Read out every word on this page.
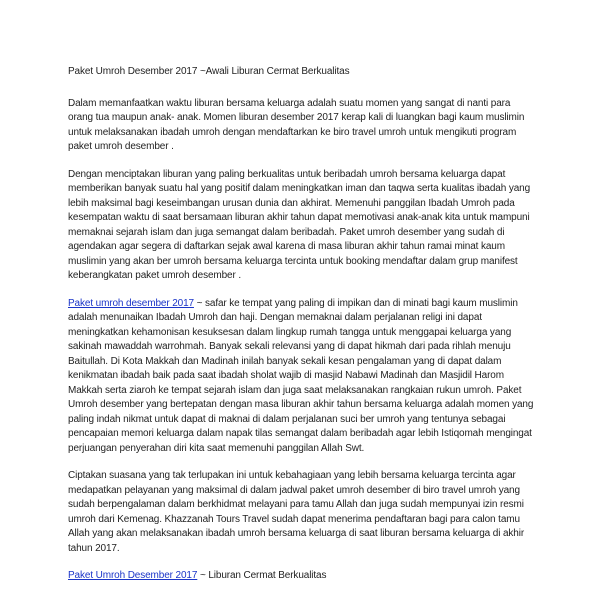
Paket Umroh Desember 2017 ~Awali Liburan Cermat Berkualitas

Dalam memanfaatkan waktu liburan bersama keluarga adalah suatu momen yang sangat di nanti para orang tua maupun anak- anak. Momen liburan desember 2017 kerap kali di luangkan bagi kaum muslimin untuk melaksanakan ibadah umroh dengan mendaftarkan ke biro travel umroh untuk mengikuti program paket umroh desember .

Dengan menciptakan liburan yang paling berkualitas untuk beribadah umroh bersama keluarga dapat memberikan banyak suatu hal yang positif dalam meningkatkan iman dan taqwa serta kualitas ibadah yang lebih maksimal bagi keseimbangan urusan dunia dan akhirat. Memenuhi panggilan Ibadah Umroh pada kesempatan waktu di saat bersamaan liburan akhir tahun dapat memotivasi anak-anak kita untuk mampuni memaknai sejarah islam dan juga semangat dalam beribadah. Paket umroh desember yang sudah di agendakan agar segera di daftarkan sejak awal karena di masa liburan akhir tahun ramai minat kaum muslimin yang akan ber umroh bersama keluarga tercinta untuk booking mendaftar dalam grup manifest keberangkatan paket umroh desember .

Paket umroh desember 2017 ~ safar ke tempat yang paling di impikan dan di minati bagi kaum muslimin adalah menunaikan Ibadah Umroh dan haji. Dengan memaknai dalam perjalanan religi ini dapat meningkatkan kehamonisan kesuksesan dalam lingkup rumah tangga untuk menggapai keluarga yang sakinah mawaddah warrohmah. Banyak sekali relevansi yang di dapat hikmah dari pada rihlah menuju Baitullah. Di Kota Makkah dan Madinah inilah banyak sekali kesan pengalaman yang di dapat dalam kenikmatan ibadah baik pada saat ibadah sholat wajib di masjid Nabawi Madinah dan Masjidil Harom Makkah serta ziaroh ke tempat sejarah islam dan juga saat melaksanakan rangkaian rukun umroh. Paket Umroh desember yang bertepatan dengan masa liburan akhir tahun bersama keluarga adalah momen yang paling indah nikmat untuk dapat di maknai di dalam perjalanan suci ber umroh yang tentunya sebagai pencapaian memori keluarga dalam napak tilas semangat dalam beribadah agar lebih Istiqomah mengingat perjuangan penyerahan diri kita saat memenuhi panggilan Allah Swt.

Ciptakan suasana yang tak terlupakan ini untuk kebahagiaan yang lebih bersama keluarga tercinta agar medapatkan pelayanan yang maksimal di dalam jadwal paket umroh desember di biro travel umroh yang sudah berpengalaman dalam berkhidmat melayani para tamu Allah dan juga sudah mempunyai izin resmi umroh dari Kemenag. Khazzanah Tours Travel sudah dapat menerima pendaftaran bagi para calon tamu Allah yang akan melaksanakan ibadah umroh bersama keluarga di saat liburan bersama keluarga di akhir tahun 2017.

Paket Umroh Desember 2017 ~ Liburan Cermat Berkualitas
